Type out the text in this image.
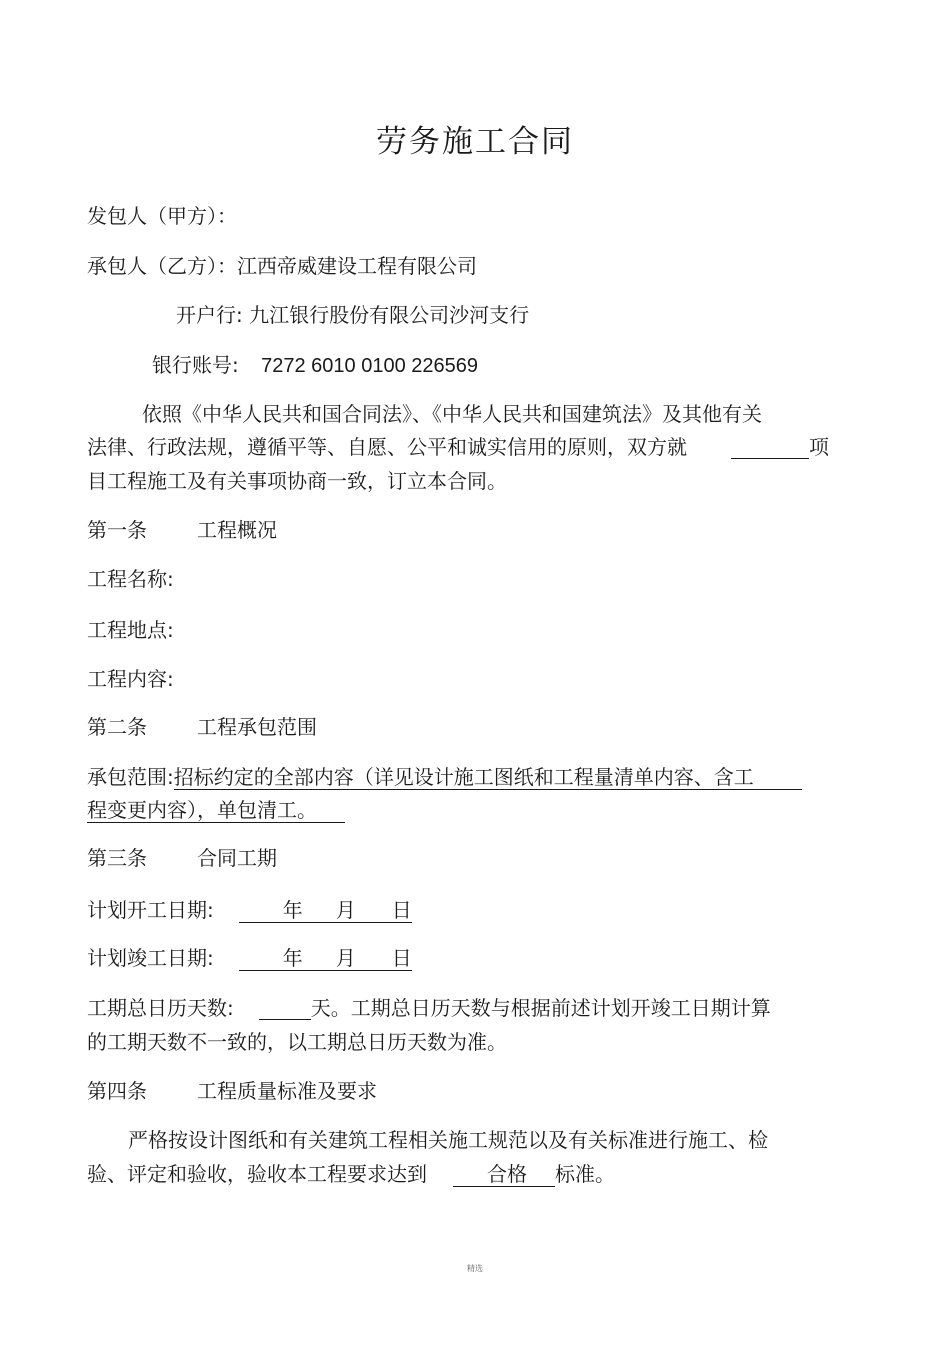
劳务施工合同
发包人（甲方）：
承包人（乙方）：江西帝威建设工程有限公司
开户行: 九江银行股份有限公司沙河支行
银行账号: 7272 6010 0100 226569
依照《中华人民共和国合同法》、《中华人民共和国建筑法》及其他有关
法律、行政法规，遵循平等、自愿、公平和诚实信用的原则，双方就	项
目工程施工及有关事项协商一致，订立本合同。
第一条	工程概况
工程名称:
工程地点:
工程内容:
第二条	工程承包范围
承包范围:招标约定的全部内容（详见设计施工图纸和工程量清单内容、含工
程变更内容），单包清工。
第三条	合同工期
计划开工日期:	年 月 日
计划竣工日期:	年 月 日
工期总日历天数:	天。工期总日历天数与根据前述计划开竣工日期计算
的工期天数不一致的，以工期总日历天数为准。
第四条	工程质量标准及要求
严格按设计图纸和有关建筑工程相关施工规范以及有关标准进行施工、检
验、评定和验收，验收本工程要求达到	合格 标准。
精选
